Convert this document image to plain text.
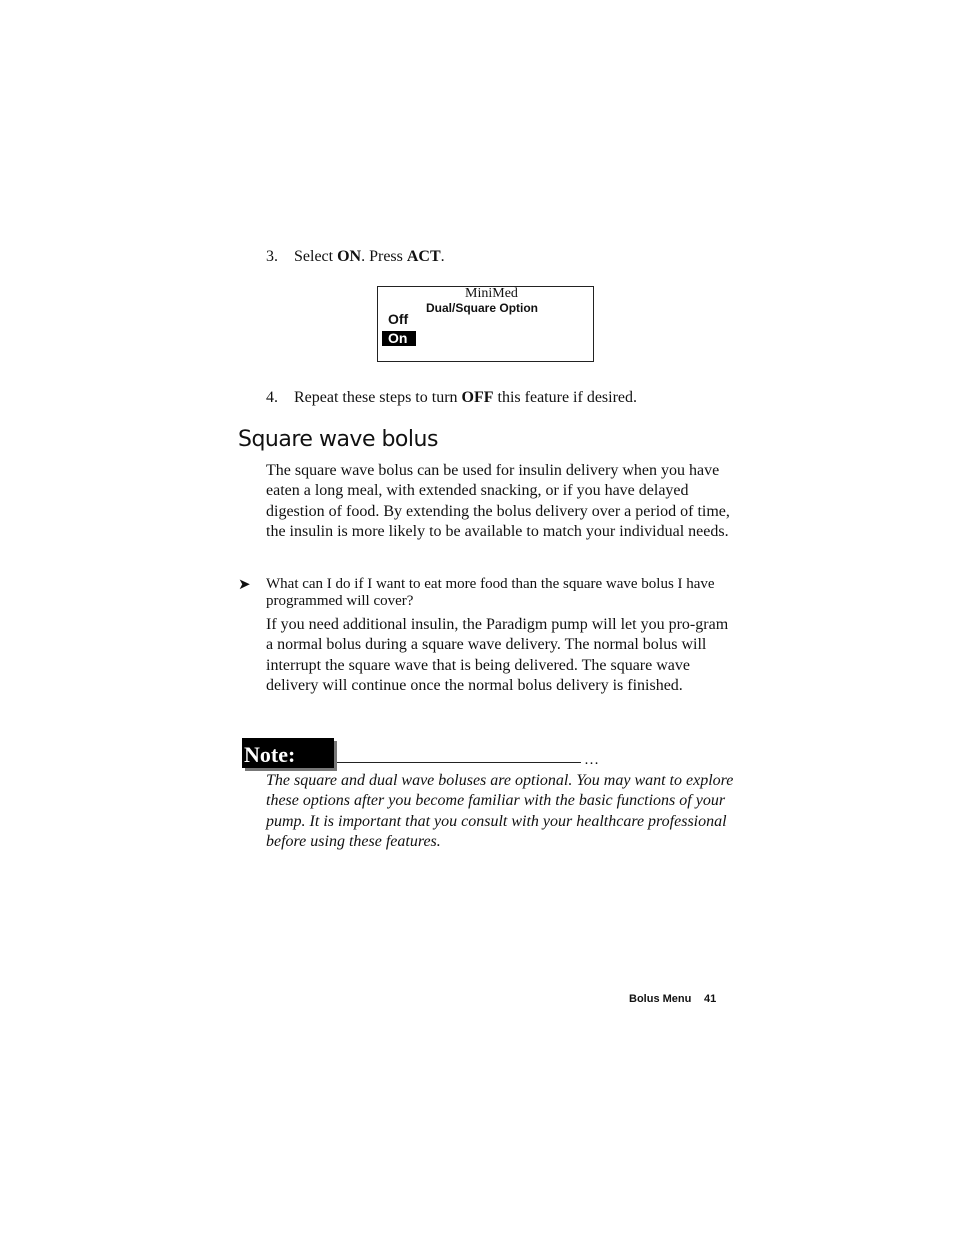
3. Select ON. Press ACT.
MiniMed
Dual/Square Option
Off
On
4. Repeat these steps to turn OFF this feature if desired.
Square wave bolus
The square wave bolus can be used for insulin delivery when you have eaten a long meal, with extended snacking, or if you have delayed digestion of food. By extending the bolus delivery over a period of time, the insulin is more likely to be available to match your individual needs.
➤ What can I do if I want to eat more food than the square wave bolus I have programmed will cover?
If you need additional insulin, the Paradigm pump will let you pro-gram a normal bolus during a square wave delivery. The normal bolus will interrupt the square wave that is being delivered. The square wave delivery will continue once the normal bolus delivery is finished.
Note:	…
The square and dual wave boluses are optional. You may want to explore these options after you become familiar with the basic functions of your pump. It is important that you consult with your healthcare professional before using these features.
Bolus Menu 41
